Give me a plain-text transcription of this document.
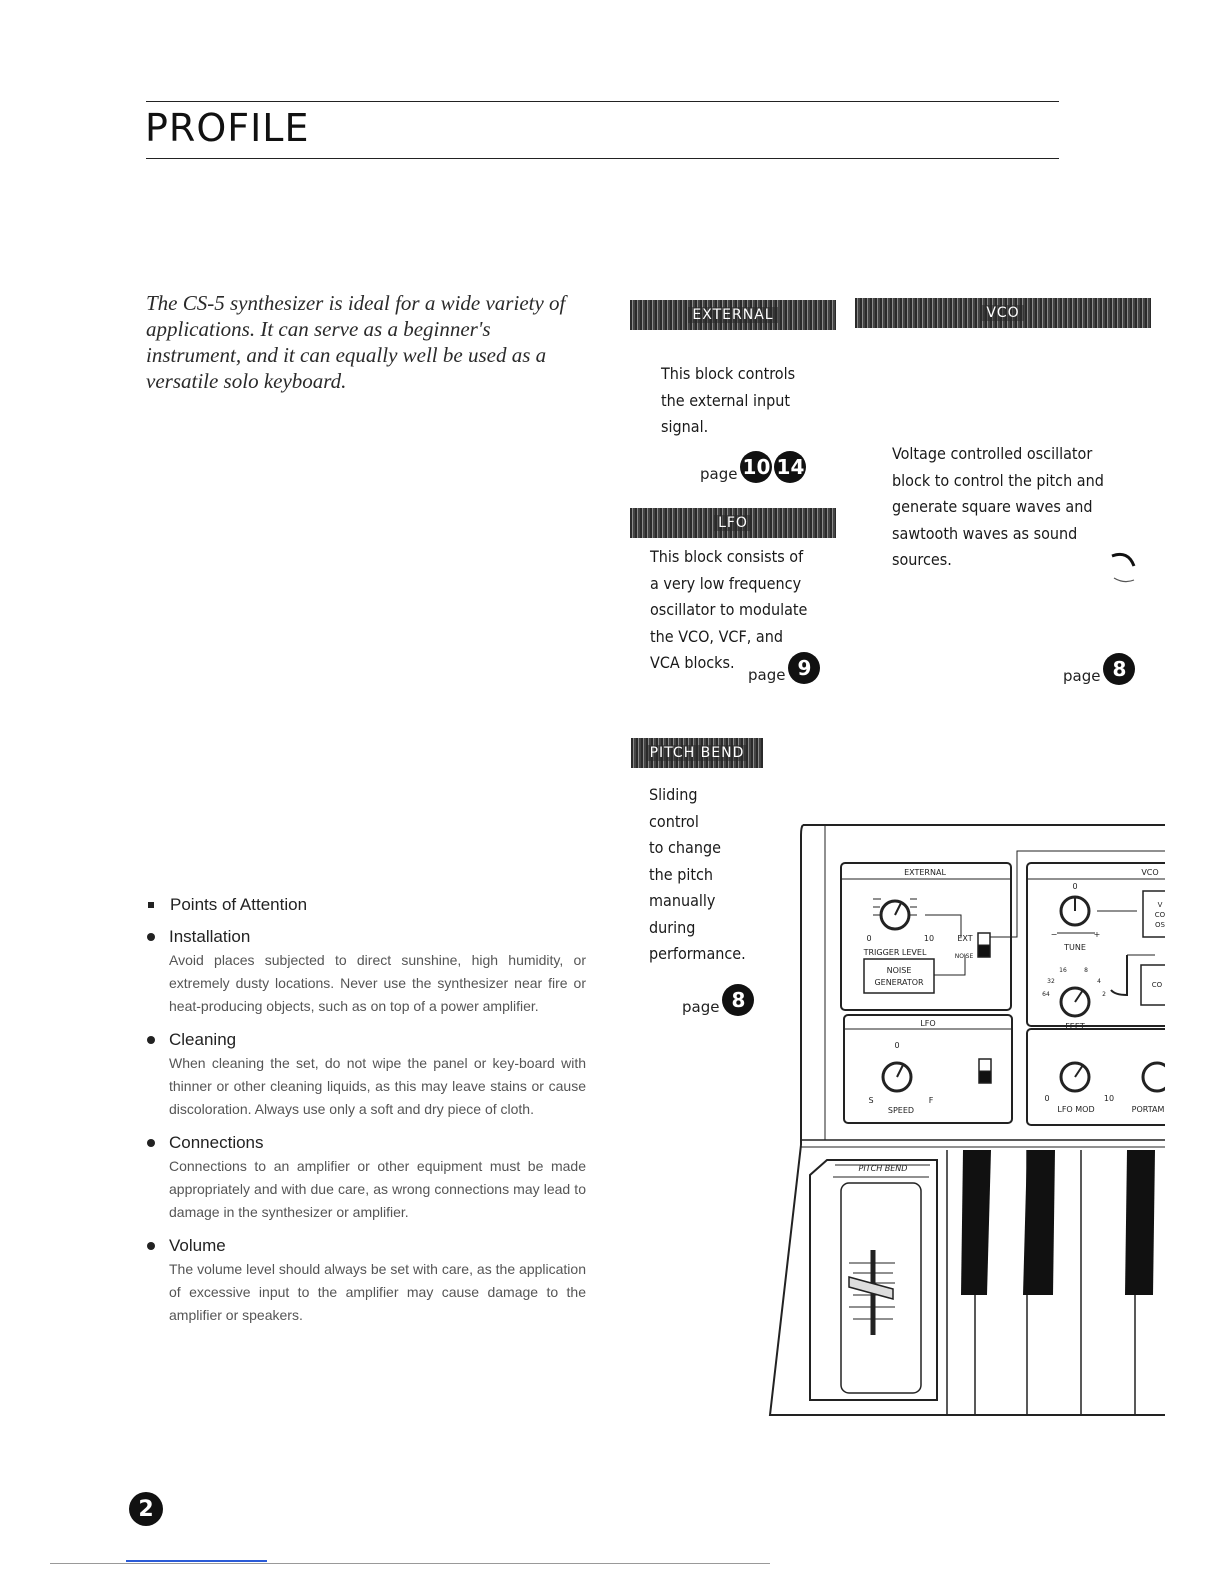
PROFILE

The CS-5 synthesizer is ideal for a wide variety of applications. It can serve as a beginner's instrument, and it can equally well be used as a versatile solo keyboard.

Points of Attention
Installation
Avoid places subjected to direct sunshine, high humidity, or extremely dusty locations. Never use the synthesizer near fire or heat-producing objects, such as on top of a power amplifier.
Cleaning
When cleaning the set, do not wipe the panel or key-board with thinner or other cleaning liquids, as this may leave stains or cause discoloration. Always use only a soft and dry piece of cloth.
Connections
Connections to an amplifier or other equipment must be made appropriately and with due care, as wrong connections may lead to damage in the synthesizer or amplifier.
Volume
The volume level should always be set with care, as the application of excessive input to the amplifier may cause damage to the amplifier or speakers.
EXTERNAL
This block controls
the external input
signal.
page 10 14
VCO
Voltage controlled oscillator
block to control the pitch and
generate square waves and
sawtooth waves as sound
sources.
page 8
LFO
This block consists of
a very low frequency
oscillator to modulate
the VCO, VCF, and
VCA blocks.
page 9
PITCH BEND
Sliding
control
to change
the pitch
manually
during
performance.
page 8
EXTERNAL	VCO
0	10
TRIGGER LEVEL
EXT
NOISE
NOISE
GENERATOR
0
−	+
TUNE
16	8
32	4
64	2
FEET
LFO
0
S	F
SPEED
0	10
LFO MOD	PORTAM
V
CO
OS
CO
PITCH BEND
2
